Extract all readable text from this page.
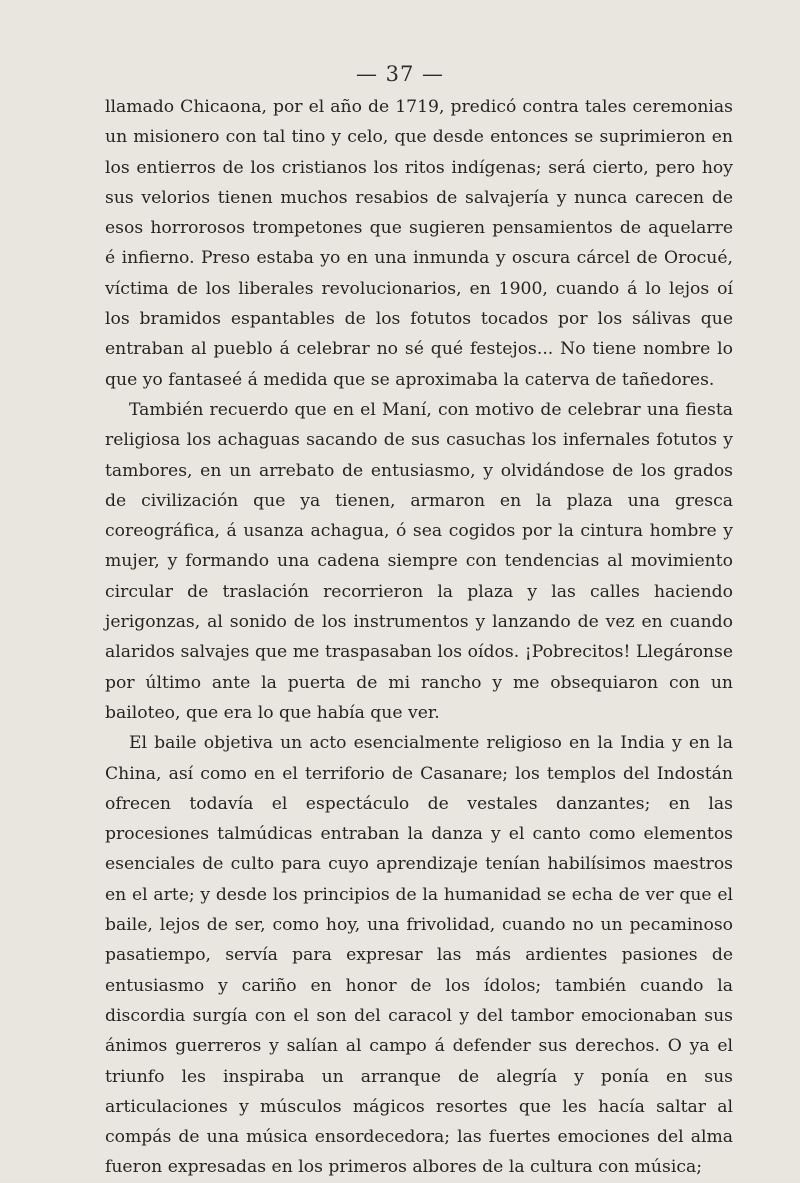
— 37 —

llamado Chicaona, por el año de 1719, predicó contra tales ceremonias un misionero con tal tino y celo, que desde entonces se suprimieron en los entierros de los cristianos los ritos indígenas; será cierto, pero hoy sus velorios tienen muchos resabios de salvajería y nunca carecen de esos horrorosos trompetones que sugieren pensamientos de aquelarre é infierno. Preso estaba yo en una inmunda y oscura cárcel de Orocué, víctima de los liberales revolucionarios, en 1900, cuando á lo lejos oí los bramidos espantables de los fotutos tocados por los sálivas que entraban al pueblo á celebrar no sé qué festejos... No tiene nombre lo que yo fantaseé á medida que se aproximaba la caterva de tañedores.

También recuerdo que en el Maní, con motivo de celebrar una fiesta religiosa los achaguas sacando de sus casuchas los infernales fotutos y tambores, en un arrebato de entusiasmo, y olvidándose de los grados de civilización que ya tienen, armaron en la plaza una gresca coreográfica, á usanza achagua, ó sea cogidos por la cintura hombre y mujer, y formando una cadena siempre con tendencias al movimiento circular de traslación recorrieron la plaza y las calles haciendo jerigonzas, al sonido de los instrumentos y lanzando de vez en cuando alaridos salvajes que me traspasaban los oídos. ¡Pobrecitos! Llegáronse por último ante la puerta de mi rancho y me obsequiaron con un bailoteo, que era lo que había que ver.

El baile objetiva un acto esencialmente religioso en la India y en la China, así como en el terriforio de Casanare; los templos del Indostán ofrecen todavía el espectáculo de vestales danzantes; en las procesiones talmúdicas entraban la danza y el canto como elementos esenciales de culto para cuyo aprendizaje tenían habilísimos maestros en el arte; y desde los principios de la humanidad se echa de ver que el baile, lejos de ser, como hoy, una frivolidad, cuando no un pecaminoso pasatiempo, servía para expresar las más ardientes pasiones de entusiasmo y cariño en honor de los ídolos; también cuando la discordia surgía con el son del caracol y del tambor emocionaban sus ánimos guerreros y salían al campo á defender sus derechos. O ya el triunfo les inspiraba un arranque de alegría y ponía en sus articulaciones y músculos mágicos resortes que les hacía saltar al compás de una música ensordecedora; las fuertes emociones del alma fueron expresadas en los primeros albores de la cultura con música;
